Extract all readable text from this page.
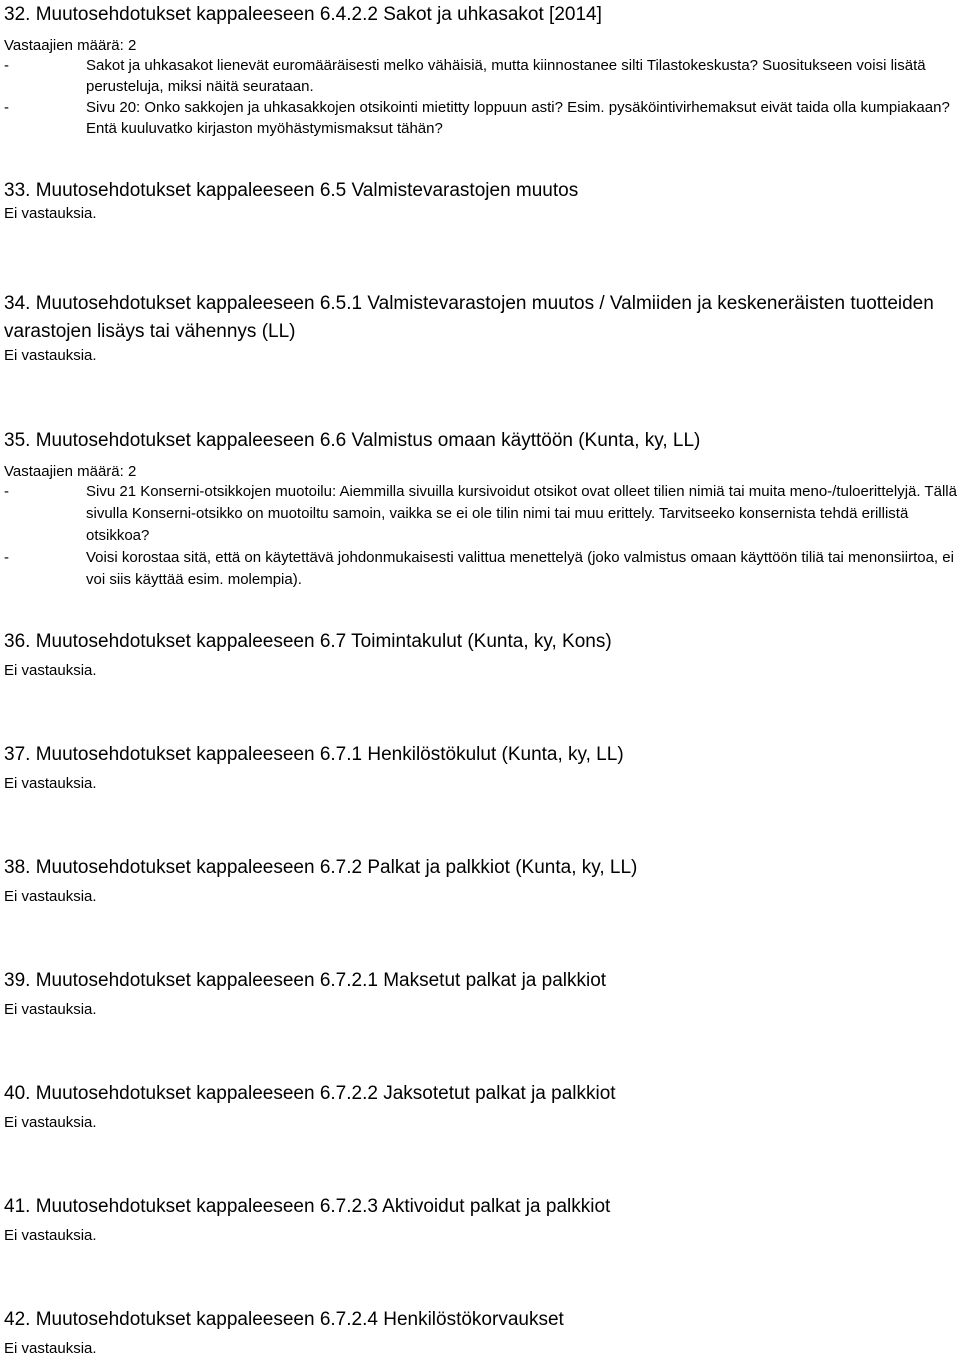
32. Muutosehdotukset kappaleeseen 6.4.2.2 Sakot ja uhkasakot [2014]

Vastaajien määrä: 2

-	Sakot ja uhkasakot lienevät euromääräisesti melko vähäisiä, mutta kiinnostanee silti Tilastokeskusta? Suositukseen voisi lisätä perusteluja, miksi näitä seurataan.
-	Sivu 20: Onko sakkojen ja uhkasakkojen otsikointi mietitty loppuun asti? Esim. pysäköintivirhemaksut eivät taida olla kumpiakaan? Entä kuuluvatko kirjaston myöhästymismaksut tähän?
33. Muutosehdotukset kappaleeseen 6.5 Valmistevarastojen muutos

Ei vastauksia.

34. Muutosehdotukset kappaleeseen 6.5.1 Valmistevarastojen muutos / Valmiiden ja keskeneräisten tuotteiden varastojen lisäys tai vähennys (LL)

Ei vastauksia.

35. Muutosehdotukset kappaleeseen 6.6 Valmistus omaan käyttöön (Kunta, ky, LL)

Vastaajien määrä: 2

-	Sivu 21 Konserni-otsikkojen muotoilu: Aiemmilla sivuilla kursivoidut otsikot ovat olleet tilien nimiä tai muita meno-/tuloerittelyjä. Tällä sivulla Konserni-otsikko on muotoiltu samoin, vaikka se ei ole tilin nimi tai muu erittely. Tarvitseeko konsernista tehdä erillistä otsikkoa?
-	Voisi korostaa sitä, että on käytettävä johdonmukaisesti valittua menettelyä (joko valmistus omaan käyttöön tiliä tai menonsiirtoa, ei voi siis käyttää esim. molempia).
36. Muutosehdotukset kappaleeseen 6.7 Toimintakulut (Kunta, ky, Kons)

Ei vastauksia.

37. Muutosehdotukset kappaleeseen 6.7.1 Henkilöstökulut (Kunta, ky, LL)

Ei vastauksia.

38. Muutosehdotukset kappaleeseen 6.7.2 Palkat ja palkkiot (Kunta, ky, LL)

Ei vastauksia.

39. Muutosehdotukset kappaleeseen 6.7.2.1 Maksetut palkat ja palkkiot

Ei vastauksia.

40. Muutosehdotukset kappaleeseen 6.7.2.2 Jaksotetut palkat ja palkkiot

Ei vastauksia.

41. Muutosehdotukset kappaleeseen 6.7.2.3 Aktivoidut palkat ja palkkiot

Ei vastauksia.

42. Muutosehdotukset kappaleeseen 6.7.2.4 Henkilöstökorvaukset

Ei vastauksia.
